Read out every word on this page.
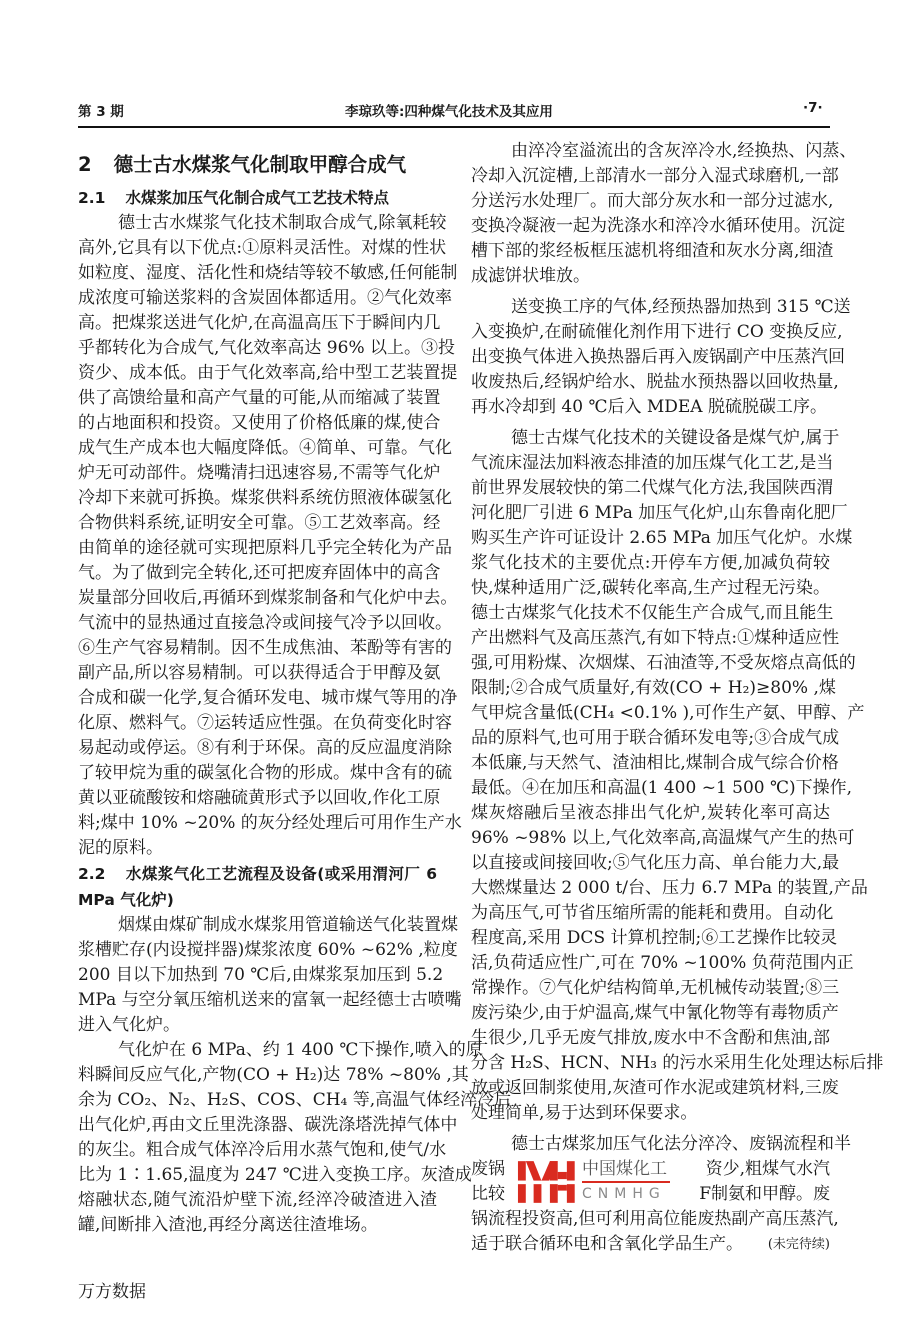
第 3 期	李琼玖等:四种煤气化技术及其应用	·7·
2 德士古水煤浆气化制取甲醇合成气
2.1 水煤浆加压气化制合成气工艺技术特点
德士古水煤浆气化技术制取合成气,除氧耗较
高外,它具有以下优点:①原料灵活性。对煤的性状
如粒度、湿度、活化性和烧结等较不敏感,任何能制
成浓度可输送浆料的含炭固体都适用。②气化效率
高。把煤浆送进气化炉,在高温高压下于瞬间内几
乎都转化为合成气,气化效率高达 96% 以上。③投
资少、成本低。由于气化效率高,给中型工艺装置提
供了高馈给量和高产气量的可能,从而缩减了装置
的占地面积和投资。又使用了价格低廉的煤,使合
成气生产成本也大幅度降低。④简单、可靠。气化
炉无可动部件。烧嘴清扫迅速容易,不需等气化炉
冷却下来就可拆换。煤浆供料系统仿照液体碳氢化
合物供料系统,证明安全可靠。⑤工艺效率高。经
由简单的途径就可实现把原料几乎完全转化为产品
气。为了做到完全转化,还可把废弃固体中的高含
炭量部分回收后,再循环到煤浆制备和气化炉中去。
气流中的显热通过直接急冷或间接气冷予以回收。
⑥生产气容易精制。因不生成焦油、苯酚等有害的
副产品,所以容易精制。可以获得适合于甲醇及氨
合成和碳一化学,复合循环发电、城市煤气等用的净
化原、燃料气。⑦运转适应性强。在负荷变化时容
易起动或停运。⑧有利于环保。高的反应温度消除
了较甲烷为重的碳氢化合物的形成。煤中含有的硫
黄以亚硫酸铵和熔融硫黄形式予以回收,作化工原
料;煤中 10% ~20% 的灰分经处理后可用作生产水
泥的原料。
2.2 水煤浆气化工艺流程及设备(或采用渭河厂 6
MPa 气化炉)
烟煤由煤矿制成水煤浆用管道输送气化装置煤
浆槽贮存(内设搅拌器)煤浆浓度 60% ~62% ,粒度
200 目以下加热到 70 ℃后,由煤浆泵加压到 5.2
MPa 与空分氧压缩机送来的富氧一起经德士古喷嘴
进入气化炉。
气化炉在 6 MPa、约 1 400 ℃下操作,喷入的原
料瞬间反应气化,产物(CO + H₂)达 78% ~80% ,其
余为 CO₂、N₂、H₂S、COS、CH₄ 等,高温气体经淬冷后
出气化炉,再由文丘里洗涤器、碳洗涤塔洗掉气体中
的灰尘。粗合成气体淬冷后用水蒸气饱和,使气/水
比为 1∶1.65,温度为 247 ℃进入变换工序。灰渣成
熔融状态,随气流沿炉壁下流,经淬冷破渣进入渣
罐,间断排入渣池,再经分离送往渣堆场。
由淬冷室溢流出的含灰淬冷水,经换热、闪蒸、
冷却入沉淀槽,上部清水一部分入湿式球磨机,一部
分送污水处理厂。而大部分灰水和一部分过滤水,
变换冷凝液一起为洗涤水和淬冷水循环使用。沉淀
槽下部的浆经板框压滤机将细渣和灰水分离,细渣
成滤饼状堆放。
送变换工序的气体,经预热器加热到 315 ℃送
入变换炉,在耐硫催化剂作用下进行 CO 变换反应,
出变换气体进入换热器后再入废锅副产中压蒸汽回
收废热后,经锅炉给水、脱盐水预热器以回收热量,
再水冷却到 40 ℃后入 MDEA 脱硫脱碳工序。
德士古煤气化技术的关键设备是煤气炉,属于
气流床湿法加料液态排渣的加压煤气化工艺,是当
前世界发展较快的第二代煤气化方法,我国陕西渭
河化肥厂引进 6 MPa 加压气化炉,山东鲁南化肥厂
购买生产许可证设计 2.65 MPa 加压气化炉。水煤
浆气化技术的主要优点:开停车方便,加减负荷较
快,煤种适用广泛,碳转化率高,生产过程无污染。
德士古煤浆气化技术不仅能生产合成气,而且能生
产出燃料气及高压蒸汽,有如下特点:①煤种适应性
强,可用粉煤、次烟煤、石油渣等,不受灰熔点高低的
限制;②合成气质量好,有效(CO + H₂)≥80% ,煤
气甲烷含量低(CH₄ <0.1% ),可作生产氨、甲醇、产
品的原料气,也可用于联合循环发电等;③合成气成
本低廉,与天然气、渣油相比,煤制合成气综合价格
最低。④在加压和高温(1 400 ~1 500 ℃)下操作,
煤灰熔融后呈液态排出气化炉,炭转化率可高达
96% ~98% 以上,气化效率高,高温煤气产生的热可
以直接或间接回收;⑤气化压力高、单台能力大,最
大燃煤量达 2 000 t/台、压力 6.7 MPa 的装置,产品
为高压气,可节省压缩所需的能耗和费用。自动化
程度高,采用 DCS 计算机控制;⑥工艺操作比较灵
活,负荷适应性广,可在 70% ~100% 负荷范围内正
常操作。⑦气化炉结构简单,无机械传动装置;⑧三
废污染少,由于炉温高,煤气中氰化物等有毒物质产
生很少,几乎无废气排放,废水中不含酚和焦油,部
分含 H₂S、HCN、NH₃ 的污水采用生化处理达标后排
放或返回制浆使用,灰渣可作水泥或建筑材料,三废
处理简单,易于达到环保要求。
德士古煤浆加压气化法分淬冷、废锅流程和半
废锅	资少,粗煤气水汽
比较	F制氨和甲醇。废
锅流程投资高,但可利用高位能废热副产高压蒸汽,
适于联合循环电和含氧化学品生产。 (未完待续)
中国煤化工
CNMHG
万方数据
